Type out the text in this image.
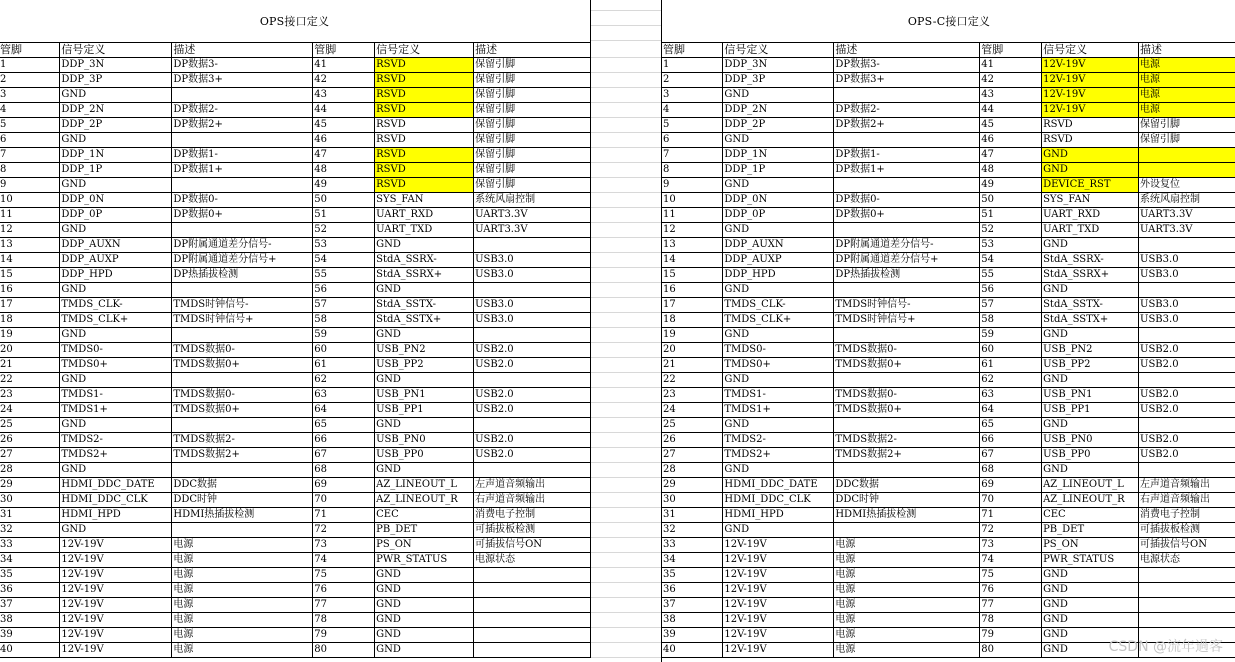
OPS接口定义
管脚	信号定义	描述	管脚	信号定义	描述
1	DDP_3N	DP数据3-	41	RSVD	保留引脚
2	DDP_3P	DP数据3+	42	RSVD	保留引脚
3	GND		43	RSVD	保留引脚
4	DDP_2N	DP数据2-	44	RSVD	保留引脚
5	DDP_2P	DP数据2+	45	RSVD	保留引脚
6	GND		46	RSVD	保留引脚
7	DDP_1N	DP数据1-	47	RSVD	保留引脚
8	DDP_1P	DP数据1+	48	RSVD	保留引脚
9	GND		49	RSVD	保留引脚
10	DDP_0N	DP数据0-	50	SYS_FAN	系统风扇控制
11	DDP_0P	DP数据0+	51	UART_RXD	UART3.3V
12	GND		52	UART_TXD	UART3.3V
13	DDP_AUXN	DP附属通道差分信号-	53	GND	
14	DDP_AUXP	DP附属通道差分信号+	54	StdA_SSRX-	USB3.0
15	DDP_HPD	DP热插拔检测	55	StdA_SSRX+	USB3.0
16	GND		56	GND	
17	TMDS_CLK-	TMDS时钟信号-	57	StdA_SSTX-	USB3.0
18	TMDS_CLK+	TMDS时钟信号+	58	StdA_SSTX+	USB3.0
19	GND		59	GND	
20	TMDS0-	TMDS数据0-	60	USB_PN2	USB2.0
21	TMDS0+	TMDS数据0+	61	USB_PP2	USB2.0
22	GND		62	GND	
23	TMDS1-	TMDS数据0-	63	USB_PN1	USB2.0
24	TMDS1+	TMDS数据0+	64	USB_PP1	USB2.0
25	GND		65	GND	
26	TMDS2-	TMDS数据2-	66	USB_PN0	USB2.0
27	TMDS2+	TMDS数据2+	67	USB_PP0	USB2.0
28	GND		68	GND	
29	HDMI_DDC_DATE	DDC数据	69	AZ_LINEOUT_L	左声道音频输出
30	HDMI_DDC_CLK	DDC时钟	70	AZ_LINEOUT_R	右声道音频输出
31	HDMI_HPD	HDMI热插拔检测	71	CEC	消费电子控制
32	GND		72	PB_DET	可插拔板检测
33	12V-19V	电源	73	PS_ON	可插拔信号ON
34	12V-19V	电源	74	PWR_STATUS	电源状态
35	12V-19V	电源	75	GND	
36	12V-19V	电源	76	GND	
37	12V-19V	电源	77	GND	
38	12V-19V	电源	78	GND	
39	12V-19V	电源	79	GND	
40	12V-19V	电源	80	GND	
OPS-C接口定义
管脚	信号定义	描述	管脚	信号定义	描述
1	DDP_3N	DP数据3-	41	12V-19V	电源
2	DDP_3P	DP数据3+	42	12V-19V	电源
3	GND		43	12V-19V	电源
4	DDP_2N	DP数据2-	44	12V-19V	电源
5	DDP_2P	DP数据2+	45	RSVD	保留引脚
6	GND		46	RSVD	保留引脚
7	DDP_1N	DP数据1-	47	GND	
8	DDP_1P	DP数据1+	48	GND	
9	GND		49	DEVICE_RST	外设复位
10	DDP_0N	DP数据0-	50	SYS_FAN	系统风扇控制
11	DDP_0P	DP数据0+	51	UART_RXD	UART3.3V
12	GND		52	UART_TXD	UART3.3V
13	DDP_AUXN	DP附属通道差分信号-	53	GND	
14	DDP_AUXP	DP附属通道差分信号+	54	StdA_SSRX-	USB3.0
15	DDP_HPD	DP热插拔检测	55	StdA_SSRX+	USB3.0
16	GND		56	GND	
17	TMDS_CLK-	TMDS时钟信号-	57	StdA_SSTX-	USB3.0
18	TMDS_CLK+	TMDS时钟信号+	58	StdA_SSTX+	USB3.0
19	GND		59	GND	
20	TMDS0-	TMDS数据0-	60	USB_PN2	USB2.0
21	TMDS0+	TMDS数据0+	61	USB_PP2	USB2.0
22	GND		62	GND	
23	TMDS1-	TMDS数据0-	63	USB_PN1	USB2.0
24	TMDS1+	TMDS数据0+	64	USB_PP1	USB2.0
25	GND		65	GND	
26	TMDS2-	TMDS数据2-	66	USB_PN0	USB2.0
27	TMDS2+	TMDS数据2+	67	USB_PP0	USB2.0
28	GND		68	GND	
29	HDMI_DDC_DATE	DDC数据	69	AZ_LINEOUT_L	左声道音频输出
30	HDMI_DDC_CLK	DDC时钟	70	AZ_LINEOUT_R	右声道音频输出
31	HDMI_HPD	HDMI热插拔检测	71	CEC	消费电子控制
32	GND		72	PB_DET	可插拔板检测
33	12V-19V	电源	73	PS_ON	可插拔信号ON
34	12V-19V	电源	74	PWR_STATUS	电源状态
35	12V-19V	电源	75	GND	
36	12V-19V	电源	76	GND	
37	12V-19V	电源	77	GND	
38	12V-19V	电源	78	GND	
39	12V-19V	电源	79	GND	
40	12V-19V	电源	80	GND		CSDN @流年過客
